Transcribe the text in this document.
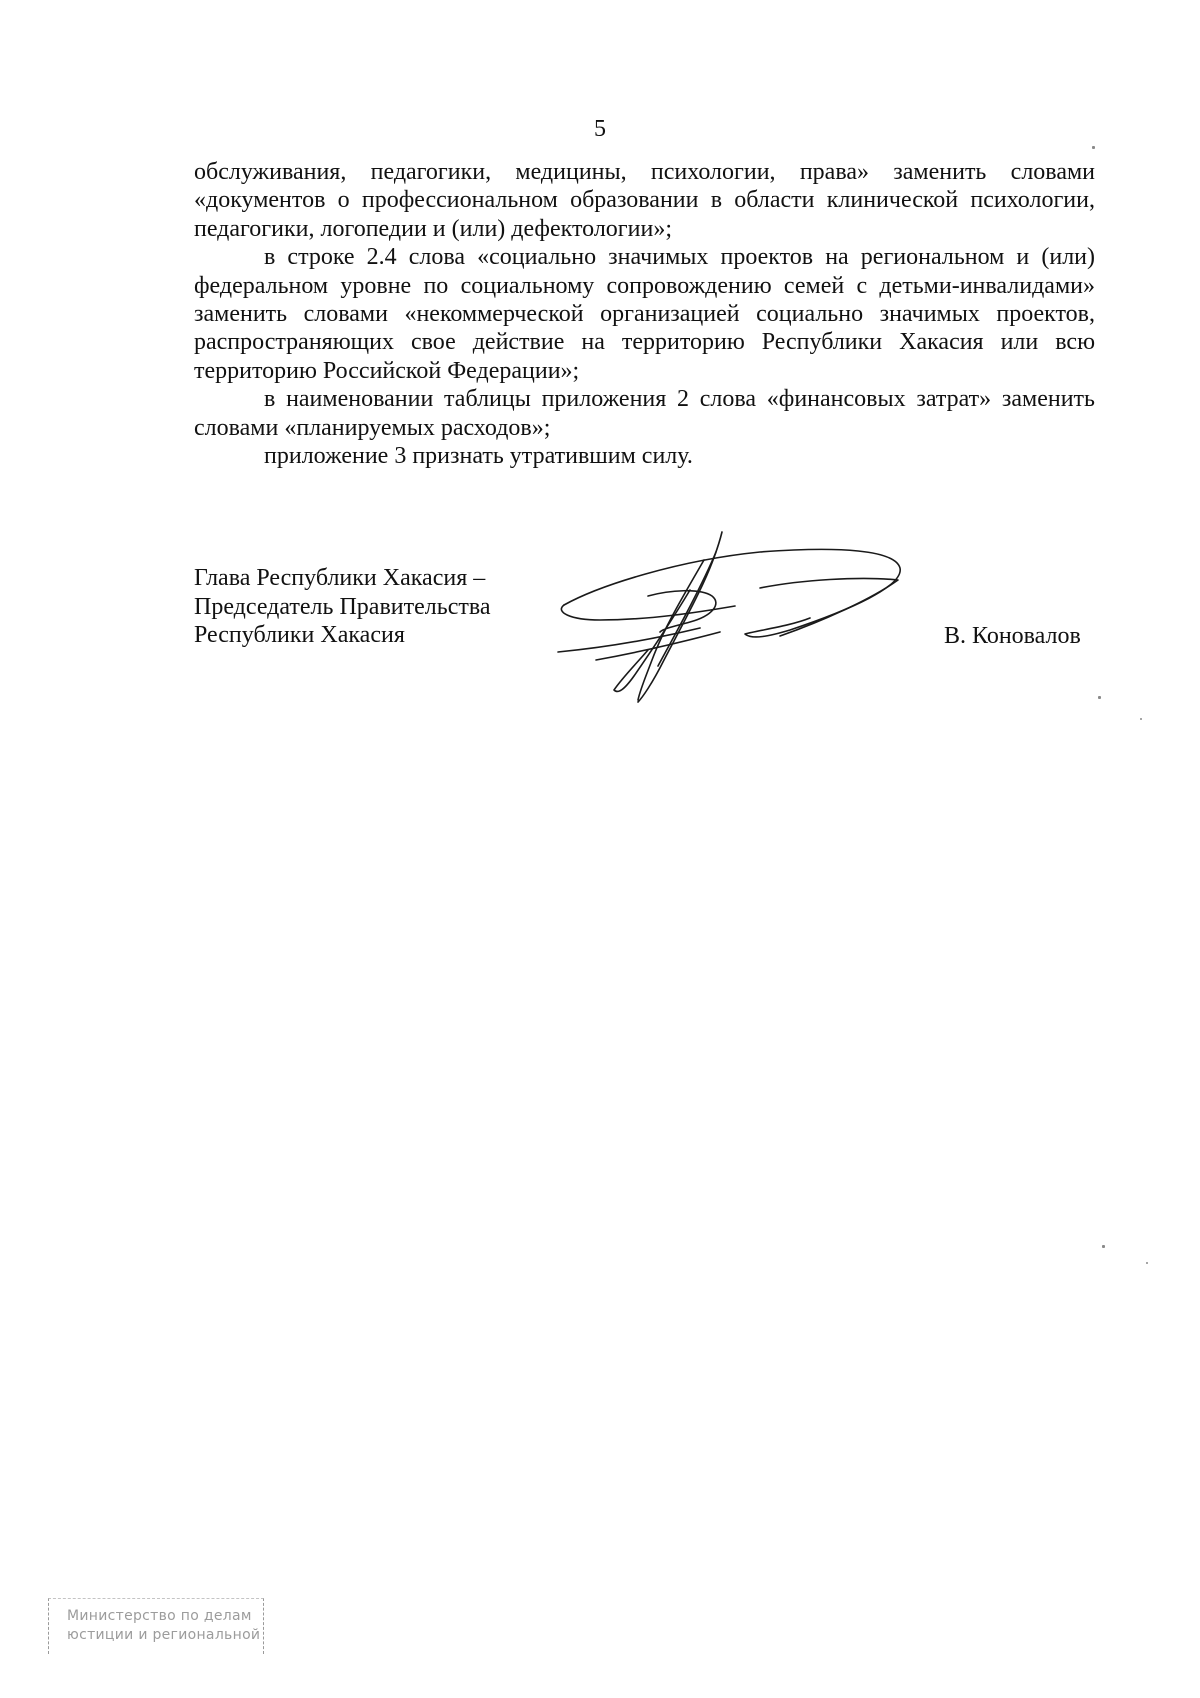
5

обслуживания, педагогики, медицины, психологии, права» заменить словами «документов о профессиональном образовании в области клинической психологии, педагогики, логопедии и (или) дефектологии»;

в строке 2.4 слова «социально значимых проектов на региональном и (или) федеральном уровне по социальному сопровождению семей с детьми-инвалидами» заменить словами «некоммерческой организацией социально значимых проектов, распространяющих свое действие на территорию Республики Хакасия или всю территорию Российской Федерации»;

в наименовании таблицы приложения 2 слова «финансовых затрат» заменить словами «планируемых расходов»;

приложение 3 признать утратившим силу.

Глава Республики Хакасия –
Председатель Правительства
Республики Хакасия	В. Коновалов
Министерство по делам
юстиции и региональной
